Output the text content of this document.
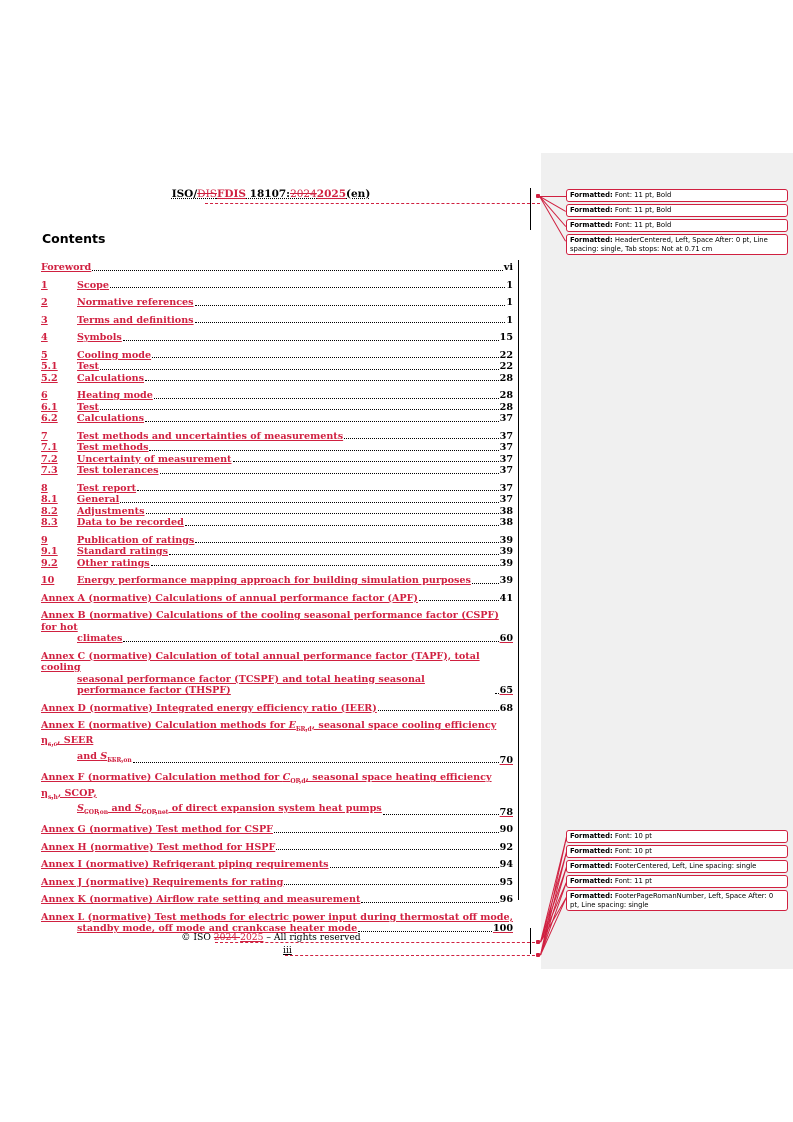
ISO/DISFDIS 18107:20242025(en)
Contents
Foreword	vi
1	Scope	1
2	Normative references	1
3	Terms and definitions	1
4	Symbols	15
5	Cooling mode	22
5.1	Test	22
5.2	Calculations	28
6	Heating mode	28
6.1	Test	28
6.2	Calculations	37
7	Test methods and uncertainties of measurements	37
7.1	Test methods	37
7.2	Uncertainty of measurement	37
7.3	Test tolerances	37
8	Test report	37
8.1	General	37
8.2	Adjustments	38
8.3	Data to be recorded	38
9	Publication of ratings	39
9.1	Standard ratings	39
9.2	Other ratings	39
10	Energy performance mapping approach for building simulation purposes	39
Annex A (normative) Calculations of annual performance factor (APF)	41
Annex B (normative) Calculations of the cooling seasonal performance factor (CSPF) for hot
climates	60
Annex C (normative) Calculation of total annual performance factor (TAPF), total cooling
seasonal performance factor (TCSPF) and total heating seasonal performance factor (THSPF)	65
Annex D (normative) Integrated energy efficiency ratio (IEER)	68
Annex E (normative) Calculation methods for $E_{ER,d}$, seasonal space cooling efficiency $\eta_{s,c}$, SEER
and $S_{EER,on}$	70
Annex F (normative) Calculation method for $C_{OP,d}$, seasonal space heating efficiency $\eta_{s,h}$, SCOP,
$S_{COP,on}$ and $S_{COP,net}$ of direct expansion system heat pumps	78
Annex G (normative) Test method for CSPF	90
Annex H (normative) Test method for HSPF	92
Annex I (normative) Refrigerant piping requirements	94
Annex J (normative) Requirements for rating	95
Annex K (normative) Airflow rate setting and measurement	96
Annex L (normative) Test methods for electric power input during thermostat off mode,
standby mode, off mode and crankcase heater mode	100
Formatted: Font: 11 pt, Bold
Formatted: Font: 11 pt, Bold
Formatted: Font: 11 pt, Bold
Formatted: HeaderCentered, Left, Space After: 0 pt, Line spacing: single, Tab stops: Not at 0.71 cm
Formatted: Font: 10 pt
Formatted: Font: 10 pt
Formatted: FooterCentered, Left, Line spacing: single
Formatted: Font: 11 pt
Formatted: FooterPageRomanNumber, Left, Space After: 0 pt, Line spacing: single
© ISO 2024 2025 – All rights reserved
iii
